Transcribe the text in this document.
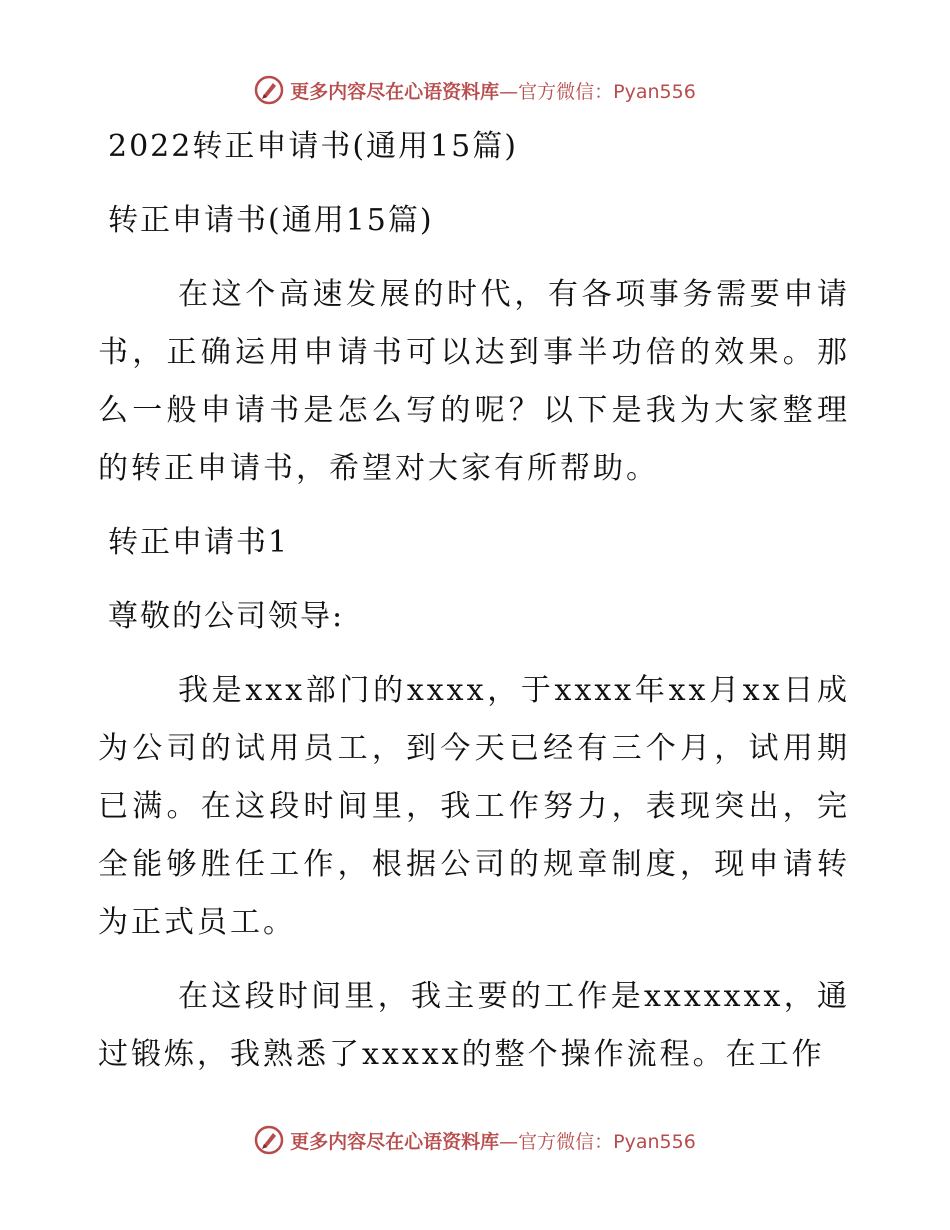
更多内容尽在心语资料库—官方微信：Pyan556
2022转正申请书(通用15篇)
转正申请书(通用15篇)

在这个高速发展的时代，有各项事务需要申请书，正确运用申请书可以达到事半功倍的效果。那么一般申请书是怎么写的呢？以下是我为大家整理的转正申请书，希望对大家有所帮助。

转正申请书1
尊敬的公司领导:

我是xxx部门的xxxx，于xxxx年xx月xx日成为公司的试用员工，到今天已经有三个月，试用期已满。在这段时间里，我工作努力，表现突出，完全能够胜任工作，根据公司的规章制度，现申请转为正式员工。

在这段时间里，我主要的工作是xxxxxxx，通过锻炼，我熟悉了xxxxx的整个操作流程。在工作

更多内容尽在心语资料库—官方微信：Pyan556
